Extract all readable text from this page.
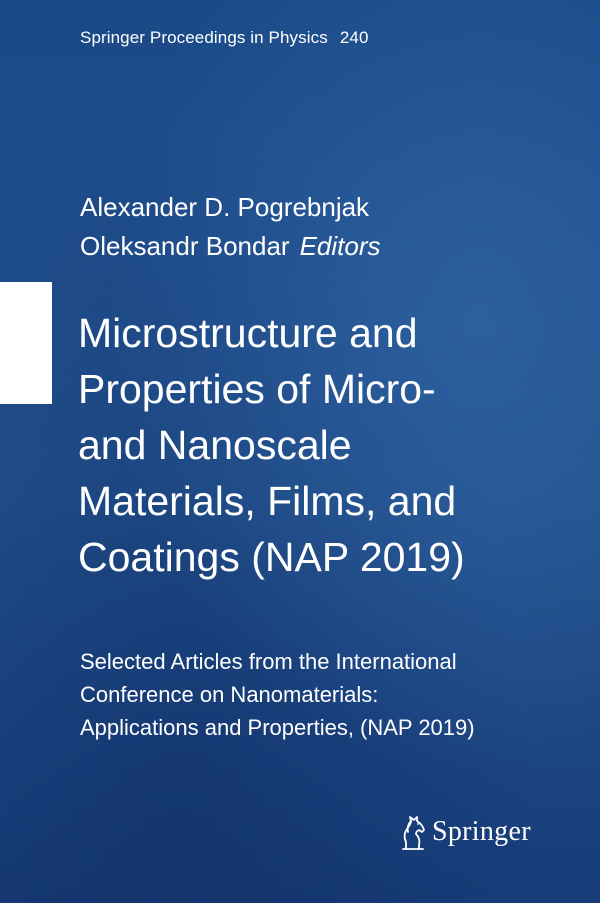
Springer Proceedings in Physics 240
Alexander D. Pogrebnjak
Oleksandr Bondar Editors
Microstructure and
Properties of Micro-
and Nanoscale
Materials, Films, and
Coatings (NAP 2019)
Selected Articles from the International
Conference on Nanomaterials:
Applications and Properties, (NAP 2019)
Springer
